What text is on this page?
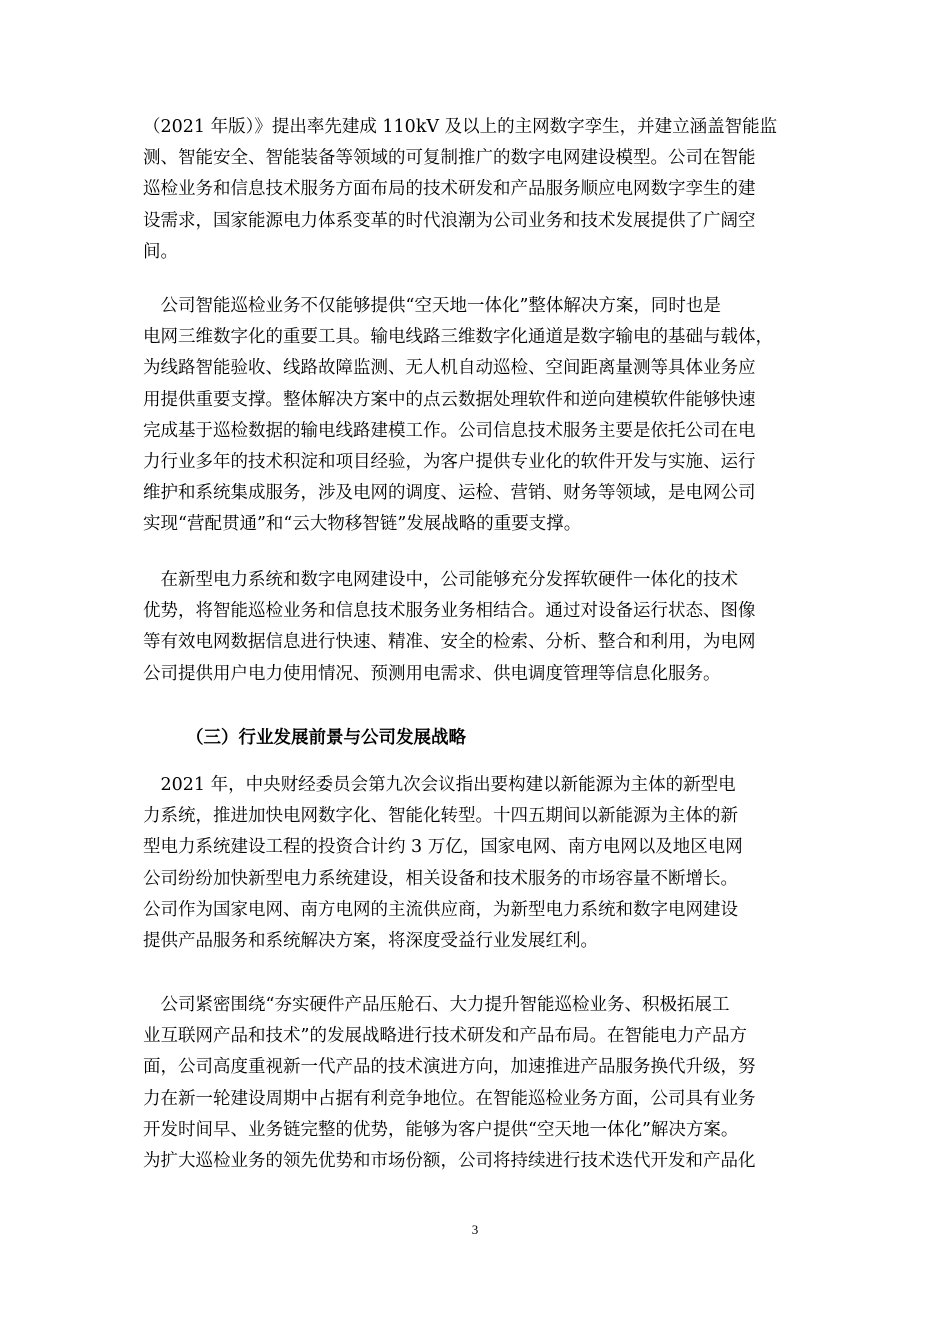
（2021 年版）》提出率先建成 110kV 及以上的主网数字孪生，并建立涵盖智能监
测、智能安全、智能装备等领域的可复制推广的数字电网建设模型。公司在智能
巡检业务和信息技术服务方面布局的技术研发和产品服务顺应电网数字孪生的建
设需求，国家能源电力体系变革的时代浪潮为公司业务和技术发展提供了广阔空
间。
　公司智能巡检业务不仅能够提供“空天地一体化”整体解决方案，同时也是
电网三维数字化的重要工具。输电线路三维数字化通道是数字输电的基础与载体，
为线路智能验收、线路故障监测、无人机自动巡检、空间距离量测等具体业务应
用提供重要支撑。整体解决方案中的点云数据处理软件和逆向建模软件能够快速
完成基于巡检数据的输电线路建模工作。公司信息技术服务主要是依托公司在电
力行业多年的技术积淀和项目经验，为客户提供专业化的软件开发与实施、运行
维护和系统集成服务，涉及电网的调度、运检、营销、财务等领域，是电网公司
实现“营配贯通”和“云大物移智链”发展战略的重要支撑。
　在新型电力系统和数字电网建设中，公司能够充分发挥软硬件一体化的技术
优势，将智能巡检业务和信息技术服务业务相结合。通过对设备运行状态、图像
等有效电网数据信息进行快速、精准、安全的检索、分析、整合和利用，为电网
公司提供用户电力使用情况、预测用电需求、供电调度管理等信息化服务。
（三）行业发展前景与公司发展战略
　2021 年，中央财经委员会第九次会议指出要构建以新能源为主体的新型电
力系统，推进加快电网数字化、智能化转型。十四五期间以新能源为主体的新
型电力系统建设工程的投资合计约 3 万亿，国家电网、南方电网以及地区电网
公司纷纷加快新型电力系统建设，相关设备和技术服务的市场容量不断增长。
公司作为国家电网、南方电网的主流供应商，为新型电力系统和数字电网建设
提供产品服务和系统解决方案，将深度受益行业发展红利。
　公司紧密围绕“夯实硬件产品压舱石、大力提升智能巡检业务、积极拓展工
业互联网产品和技术”的发展战略进行技术研发和产品布局。在智能电力产品方
面，公司高度重视新一代产品的技术演进方向，加速推进产品服务换代升级，努
力在新一轮建设周期中占据有利竞争地位。在智能巡检业务方面，公司具有业务
开发时间早、业务链完整的优势，能够为客户提供“空天地一体化”解决方案。
为扩大巡检业务的领先优势和市场份额，公司将持续进行技术迭代开发和产品化
3
